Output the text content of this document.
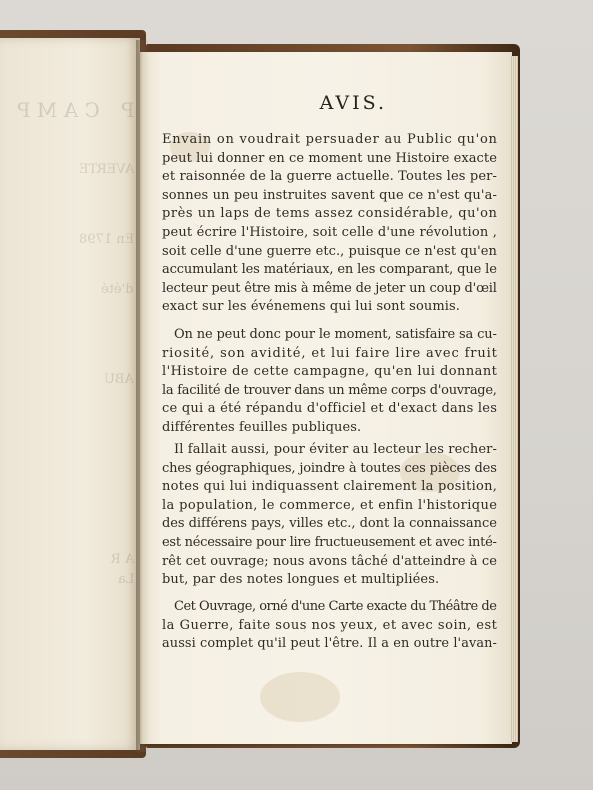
P
C A M P
AVERTE
En 1798
d'été
ABU
A R
La
AVIS.
Envain on voudrait persuader au Public qu'on
peut lui donner en ce moment une Histoire exacte
et raisonnée de la guerre actuelle. Toutes les per-
sonnes un peu instruites savent que ce n'est qu'a-
près un laps de tems assez considérable, qu'on
peut écrire l'Histoire, soit celle d'une révolution ,
soit celle d'une guerre etc., puisque ce n'est qu'en
accumulant les matériaux, en les comparant, que le
lecteur peut être mis à même de jeter un coup d'œil
exact sur les événemens qui lui sont soumis.
On ne peut donc pour le moment, satisfaire sa cu-
riosité, son avidité, et lui faire lire avec fruit
l'Histoire de cette campagne, qu'en lui donnant
la facilité de trouver dans un même corps d'ouvrage,
ce qui a été répandu d'officiel et d'exact dans les
différentes feuilles publiques.
Il fallait aussi, pour éviter au lecteur les recher-
ches géographiques, joindre à toutes ces pièces des
notes qui lui indiquassent clairement la position,
la population, le commerce, et enfin l'historique
des différens pays, villes etc., dont la connaissance
est nécessaire pour lire fructueusement et avec inté-
rêt cet ouvrage; nous avons tâché d'atteindre à ce
but, par des notes longues et multipliées.
Cet Ouvrage, orné d'une Carte exacte du Théâtre de
la Guerre, faite sous nos yeux, et avec soin, est
aussi complet qu'il peut l'être. Il a en outre l'avan-
